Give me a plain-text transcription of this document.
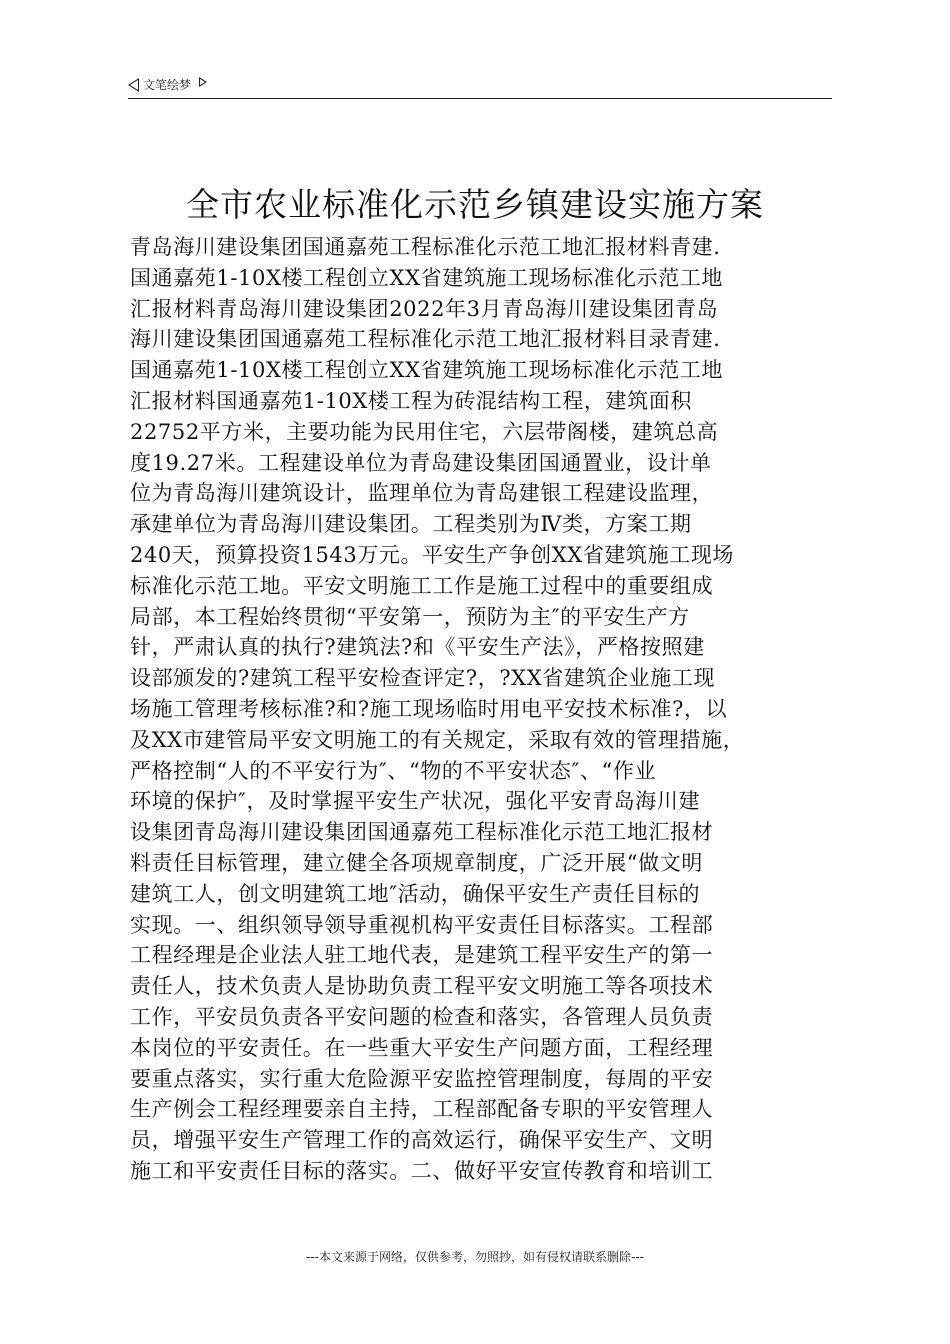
文笔绘梦
全市农业标准化示范乡镇建设实施方案

青岛海川建设集团国通嘉苑工程标准化示范工地汇报材料青建.
国通嘉苑1-10X楼工程创立XX省建筑施工现场标准化示范工地
汇报材料青岛海川建设集团2022年3月青岛海川建设集团青岛
海川建设集团国通嘉苑工程标准化示范工地汇报材料目录青建.
国通嘉苑1-10X楼工程创立XX省建筑施工现场标准化示范工地
汇报材料国通嘉苑1-10X楼工程为砖混结构工程，建筑面积
22752平方米，主要功能为民用住宅，六层带阁楼，建筑总高
度19.27米。工程建设单位为青岛建设集团国通置业，设计单
位为青岛海川建筑设计，监理单位为青岛建银工程建设监理，
承建单位为青岛海川建设集团。工程类别为Ⅳ类，方案工期
240天，预算投资1543万元。平安生产争创XX省建筑施工现场
标准化示范工地。平安文明施工工作是施工过程中的重要组成
局部，本工程始终贯彻“平安第一，预防为主″的平安生产方
针，严肃认真的执行?建筑法?和《平安生产法》，严格按照建
设部颁发的?建筑工程平安检查评定?，?XX省建筑企业施工现
场施工管理考核标准?和?施工现场临时用电平安技术标准?，以
及XX市建管局平安文明施工的有关规定，采取有效的管理措施，
严格控制“人的不平安行为″、“物的不平安状态″、“作业
环境的保护″，及时掌握平安生产状况，强化平安青岛海川建
设集团青岛海川建设集团国通嘉苑工程标准化示范工地汇报材
料责任目标管理，建立健全各项规章制度，广泛开展“做文明
建筑工人，创文明建筑工地″活动，确保平安生产责任目标的
实现。一、组织领导领导重视机构平安责任目标落实。工程部
工程经理是企业法人驻工地代表，是建筑工程平安生产的第一
责任人，技术负责人是协助负责工程平安文明施工等各项技术
工作，平安员负责各平安问题的检查和落实，各管理人员负责
本岗位的平安责任。在一些重大平安生产问题方面，工程经理
要重点落实，实行重大危险源平安监控管理制度，每周的平安
生产例会工程经理要亲自主持，工程部配备专职的平安管理人
员，增强平安生产管理工作的高效运行，确保平安生产、文明
施工和平安责任目标的落实。二、做好平安宣传教育和培训工

---本文来源于网络，仅供参考，勿照抄，如有侵权请联系删除---
